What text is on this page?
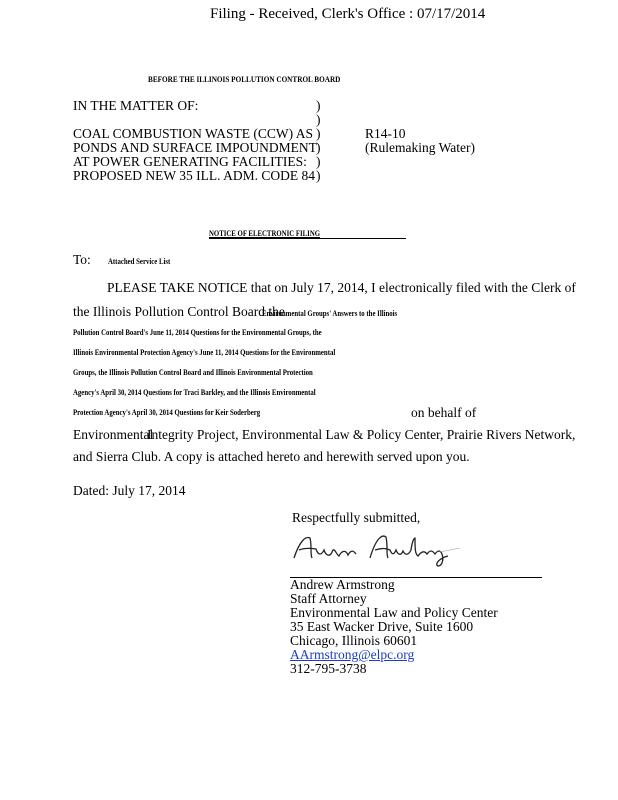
Filing - Received, Clerk's Office : 07/17/2014
BEFORE THE ILLINOIS POLLUTION CONTROL BOARD
IN THE MATTER OF:
COAL COMBUSTION WASTE (CCW) AS
PONDS AND SURFACE IMPOUNDMENT
AT POWER GENERATING FACILITIES:
PROPOSED NEW 35 ILL. ADM. CODE 84
)
)
)
)
)
)
R14-10
(Rulemaking Water)
NOTICE OF ELECTRONIC FILING
To: Attached Service List
PLEASE TAKE NOTICE that on July 17, 2014, I electronically filed with the Clerk of
the Illinois Pollution Control Board the
Environmental Groups' Answers to the Illinois
Pollution Control Board's June 11, 2014 Questions for the Environmental Groups, the
Illinois Environmental Protection Agency's June 11, 2014 Questions for the Environmental
Groups, the Illinois Pollution Control Board and Illinois Environmental Protection
Agency's April 30, 2014 Questions for Traci Barkley, and the Illinois Environmental
Protection Agency's April 30, 2014 Questions for Keir Soderberg	on behalf of
Environmental
Integrity Project, Environmental Law & Policy Center, Prairie Rivers Network,
and Sierra Club. A copy is attached hereto and herewith served upon you.
Dated: July 17, 2014
Respectfully submitted,
Andrew Armstrong
Staff Attorney
Environmental Law and Policy Center
35 East Wacker Drive, Suite 1600
Chicago, Illinois 60601
AArmstrong@elpc.org
312-795-3738
